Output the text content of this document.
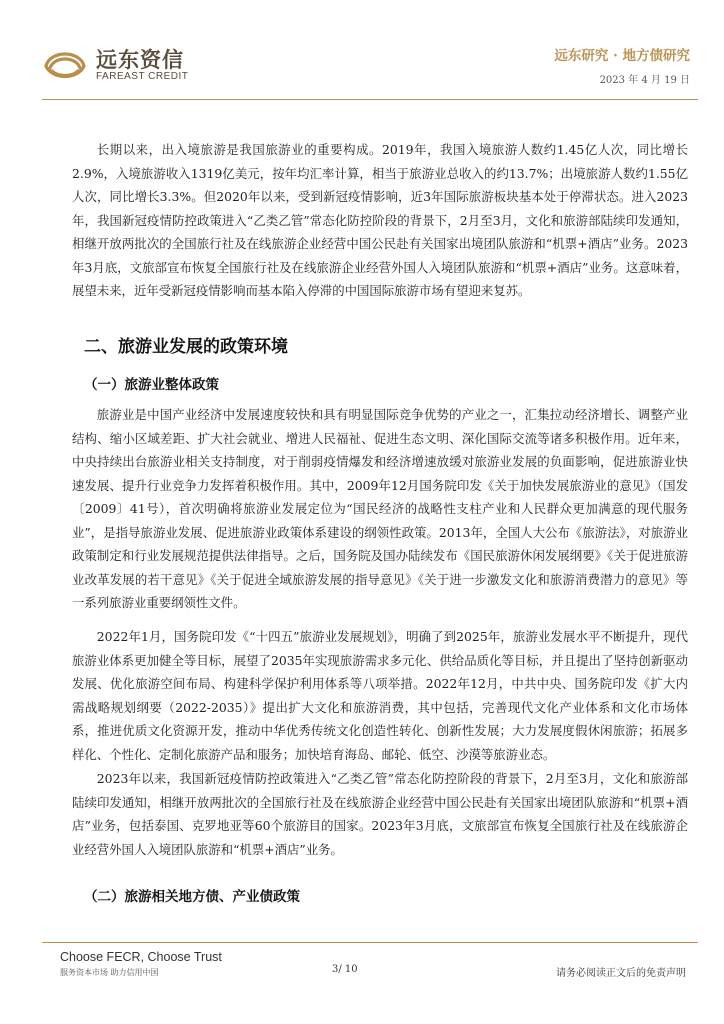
远东资信
FAREAST CREDIT
远东研究 · 地方债研究
2023 年 4 月 19 日

长期以来，出入境旅游是我国旅游业的重要构成。2019年，我国入境旅游人数约1.45亿人次，同比增长2.9%，入境旅游收入1319亿美元，按年均汇率计算，相当于旅游业总收入的约13.7%；出境旅游人数约1.55亿人次，同比增长3.3%。但2020年以来，受到新冠疫情影响，近3年国际旅游板块基本处于停滞状态。进入2023年，我国新冠疫情防控政策进入“乙类乙管”常态化防控阶段的背景下，2月至3月，文化和旅游部陆续印发通知，相继开放两批次的全国旅行社及在线旅游企业经营中国公民赴有关国家出境团队旅游和“机票+酒店”业务。2023年3月底，文旅部宣布恢复全国旅行社及在线旅游企业经营外国人入境团队旅游和“机票+酒店”业务。这意味着，展望未来，近年受新冠疫情影响而基本陷入停滞的中国国际旅游市场有望迎来复苏。

二、旅游业发展的政策环境
（一）旅游业整体政策

旅游业是中国产业经济中发展速度较快和具有明显国际竞争优势的产业之一，汇集拉动经济增长、调整产业结构、缩小区域差距、扩大社会就业、增进人民福祉、促进生态文明、深化国际交流等诸多积极作用。近年来，中央持续出台旅游业相关支持制度，对于削弱疫情爆发和经济增速放缓对旅游业发展的负面影响，促进旅游业快速发展、提升行业竞争力发挥着积极作用。其中，2009年12月国务院印发《关于加快发展旅游业的意见》（国发〔2009〕41号），首次明确将旅游业发展定位为“国民经济的战略性支柱产业和人民群众更加满意的现代服务业”，是指导旅游业发展、促进旅游业政策体系建设的纲领性政策。2013年，全国人大公布《旅游法》，对旅游业政策制定和行业发展规范提供法律指导。之后，国务院及国办陆续发布《国民旅游休闲发展纲要》《关于促进旅游业改革发展的若干意见》《关于促进全域旅游发展的指导意见》《关于进一步激发文化和旅游消费潜力的意见》等一系列旅游业重要纲领性文件。

2022年1月，国务院印发《“十四五”旅游业发展规划》，明确了到2025年，旅游业发展水平不断提升，现代旅游业体系更加健全等目标，展望了2035年实现旅游需求多元化、供给品质化等目标，并且提出了坚持创新驱动发展、优化旅游空间布局、构建科学保护利用体系等八项举措。2022年12月，中共中央、国务院印发《扩大内需战略规划纲要（2022-2035）》提出扩大文化和旅游消费，其中包括，完善现代文化产业体系和文化市场体系，推进优质文化资源开发，推动中华优秀传统文化创造性转化、创新性发展；大力发展度假休闲旅游；拓展多样化、个性化、定制化旅游产品和服务；加快培育海岛、邮轮、低空、沙漠等旅游业态。

2023年以来，我国新冠疫情防控政策进入“乙类乙管”常态化防控阶段的背景下，2月至3月，文化和旅游部陆续印发通知，相继开放两批次的全国旅行社及在线旅游企业经营中国公民赴有关国家出境团队旅游和“机票+酒店”业务，包括泰国、克罗地亚等60个旅游目的国家。2023年3月底，文旅部宣布恢复全国旅行社及在线旅游企业经营外国人入境团队旅游和“机票+酒店”业务。

（二）旅游相关地方债、产业债政策
Choose FECR, Choose Trust
服务资本市场 助力信用中国	3/ 10	请务必阅读正文后的免责声明
